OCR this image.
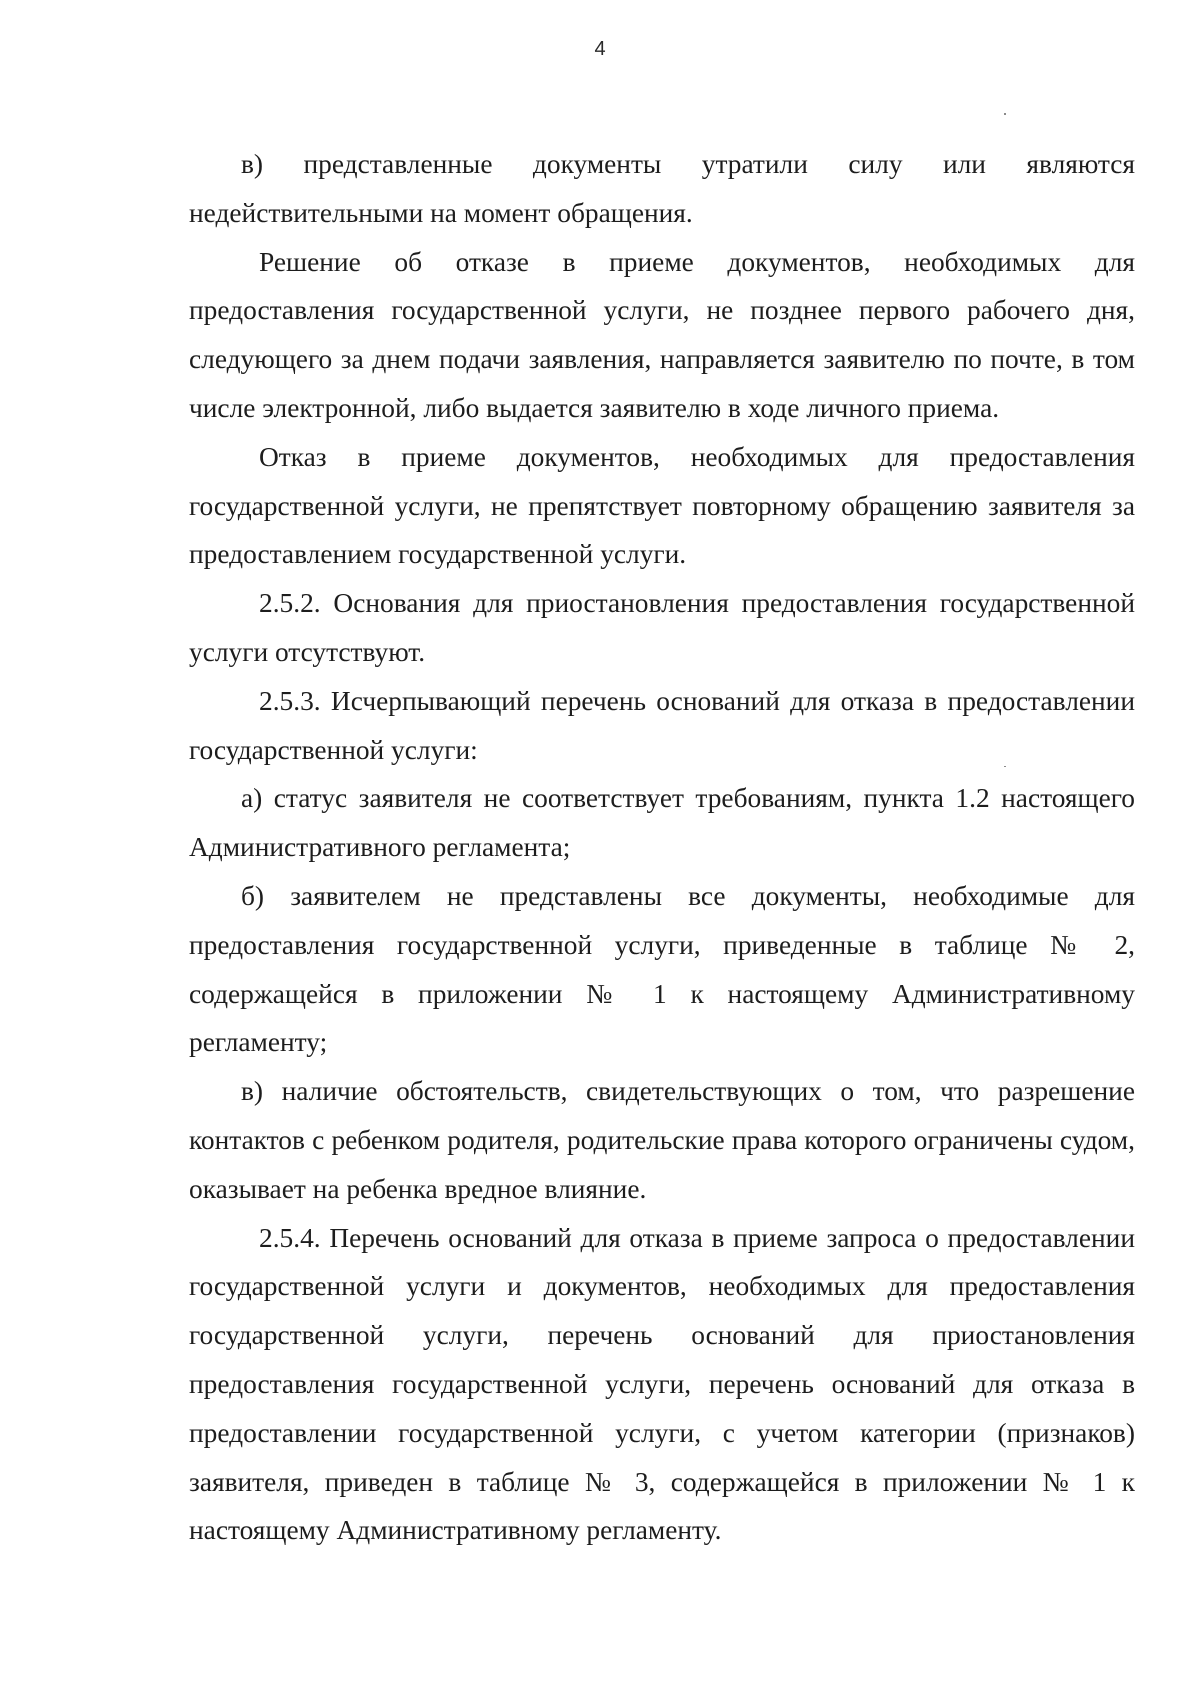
4

в) представленные документы утратили силу или являются недействительными на момент обращения.

Решение об отказе в приеме документов, необходимых для предоставления государственной услуги, не позднее первого рабочего дня, следующего за днем подачи заявления, направляется заявителю по почте, в том числе электронной, либо выдается заявителю в ходе личного приема.

Отказ в приеме документов, необходимых для предоставления государственной услуги, не препятствует повторному обращению заявителя за предоставлением государственной услуги.

2.5.2. Основания для приостановления предоставления государственной услуги отсутствуют.

2.5.3. Исчерпывающий перечень оснований для отказа в предоставлении государственной услуги:

а) статус заявителя не соответствует требованиям, пункта 1.2 настоящего Административного регламента;

б) заявителем не представлены все документы, необходимые для предоставления государственной услуги, приведенные в таблице № 2, содержащейся в приложении № 1 к настоящему Административному регламенту;

в) наличие обстоятельств, свидетельствующих о том, что разрешение контактов с ребенком родителя, родительские права которого ограничены судом, оказывает на ребенка вредное влияние.

2.5.4. Перечень оснований для отказа в приеме запроса о предоставлении государственной услуги и документов, необходимых для предоставления государственной услуги, перечень оснований для приостановления предоставления государственной услуги, перечень оснований для отказа в предоставлении государственной услуги, с учетом категории (признаков) заявителя, приведен в таблице № 3, содержащейся в приложении № 1 к настоящему Административному регламенту.
